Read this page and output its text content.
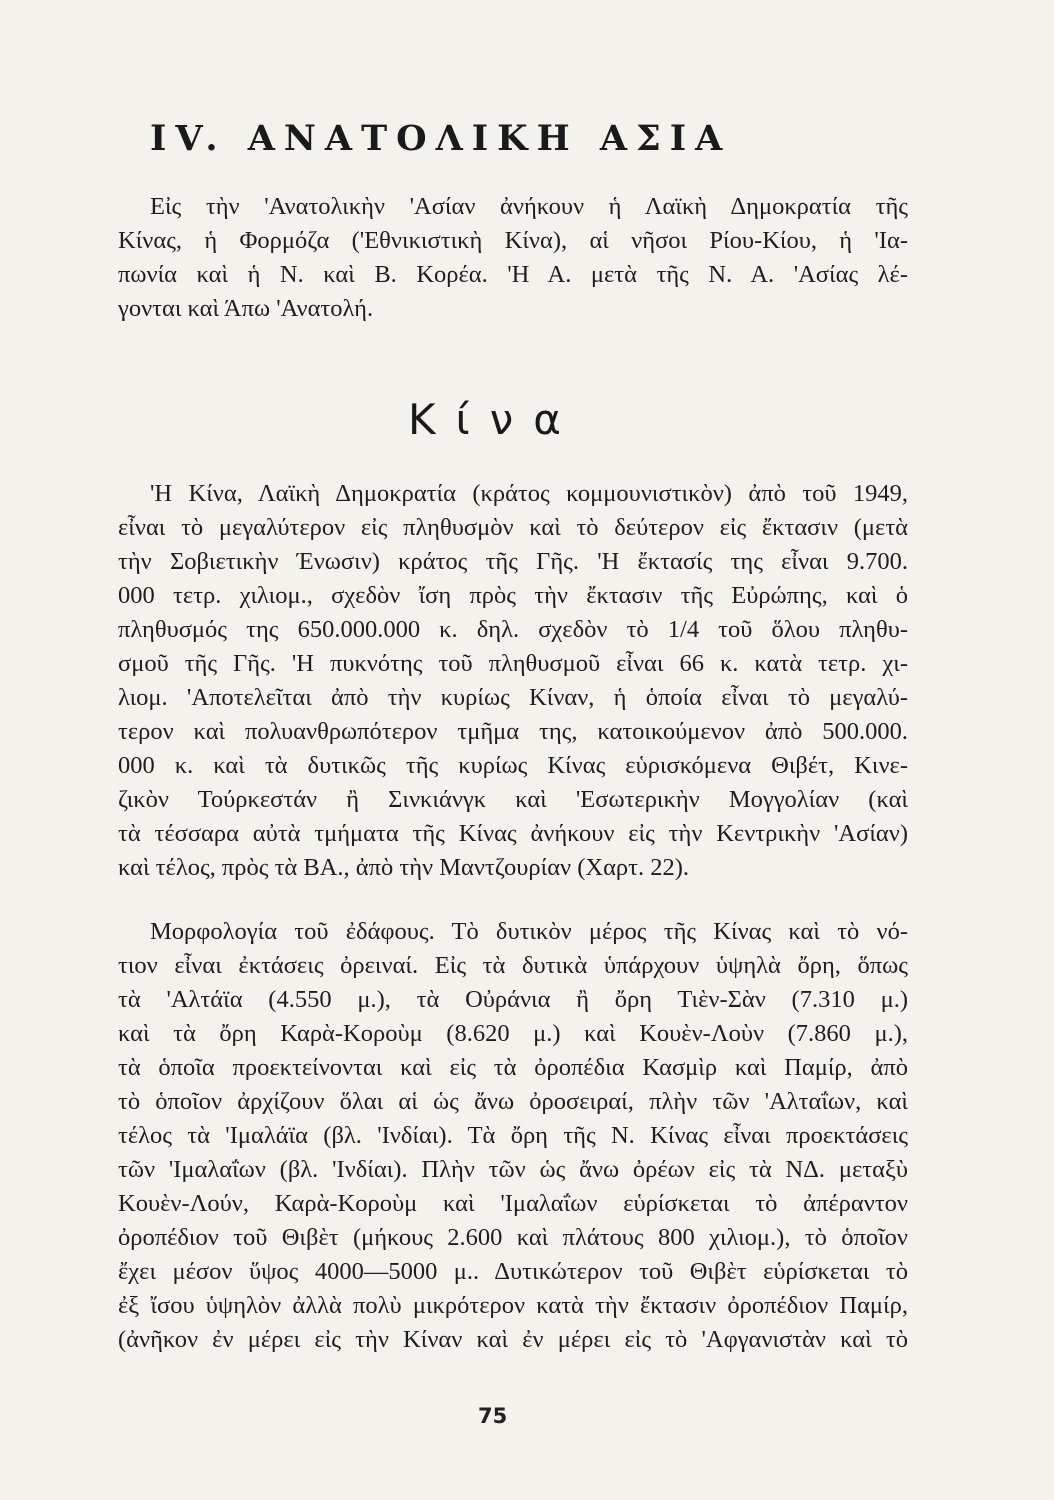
IV. ΑΝΑΤΟΛΙΚΗ ΑΣΙΑ
Εἰς τὴν 'Ανατολικὴν 'Ασίαν ἀνήκουν ἡ Λαϊκὴ Δημοκρατία τῆς
Κίνας, ἡ Φορμόζα ('Εθνικιστικὴ Κίνα), αἱ νῆσοι Ρίου-Κίου, ἡ 'Ια-
πωνία καὶ ἡ Ν. καὶ Β. Κορέα. 'Η Α. μετὰ τῆς Ν. Α. 'Ασίας λέ-
γονται καὶ Άπω 'Ανατολή.
Κίνα
'Η Κίνα, Λαϊκὴ Δημοκρατία (κράτος κομμουνιστικὸν) ἀπὸ τοῦ 1949,
εἶναι τὸ μεγαλύτερον εἰς πληθυσμὸν καὶ τὸ δεύτερον εἰς ἔκτασιν (μετὰ
τὴν Σοβιετικὴν Ένωσιν) κράτος τῆς Γῆς. 'Η ἔκτασίς της εἶναι 9.700.
000 τετρ. χιλιομ., σχεδὸν ἴση πρὸς τὴν ἔκτασιν τῆς Εὐρώπης, καὶ ὁ
πληθυσμός της 650.000.000 κ. δηλ. σχεδὸν τὸ 1/4 τοῦ ὅλου πληθυ-
σμοῦ τῆς Γῆς. 'Η πυκνότης τοῦ πληθυσμοῦ εἶναι 66 κ. κατὰ τετρ. χι-
λιομ. 'Αποτελεῖται ἀπὸ τὴν κυρίως Κίναν, ἡ ὁποία εἶναι τὸ μεγαλύ-
τερον καὶ πολυανθρωπότερον τμῆμα της, κατοικούμενον ἀπὸ 500.000.
000 κ. καὶ τὰ δυτικῶς τῆς κυρίως Κίνας εὑρισκόμενα Θιβέτ, Κινε-
ζικὸν Τούρκεστάν ἢ Σινκιάνγκ καὶ 'Εσωτερικὴν Μογγολίαν (καὶ
τὰ τέσσαρα αὐτὰ τμήματα τῆς Κίνας ἀνήκουν εἰς τὴν Κεντρικὴν 'Ασίαν)
καὶ τέλος, πρὸς τὰ ΒΑ., ἀπὸ τὴν Μαντζουρίαν (Χαρτ. 22).
Μορφολογία τοῦ ἐδάφους. Τὸ δυτικὸν μέρος τῆς Κίνας καὶ τὸ νό-
τιον εἶναι ἐκτάσεις ὀρειναί. Εἰς τὰ δυτικὰ ὑπάρχουν ὑψηλὰ ὄρη, ὅπως
τὰ 'Αλτάϊα (4.550 μ.), τὰ Οὐράνια ἢ ὄρη Τιὲν-Σὰν (7.310 μ.)
καὶ τὰ ὄρη Καρὰ-Κοροὺμ (8.620 μ.) καὶ Κουὲν-Λοὺν (7.860 μ.),
τὰ ὁποῖα προεκτείνονται καὶ εἰς τὰ ὀροπέδια Κασμὶρ καὶ Παμίρ, ἀπὸ
τὸ ὁποῖον ἀρχίζουν ὅλαι αἱ ὡς ἄνω ὀροσειραί, πλὴν τῶν 'Αλταΐων, καὶ
τέλος τὰ 'Ιμαλάϊα (βλ. 'Ινδίαι). Τὰ ὄρη τῆς Ν. Κίνας εἶναι προεκτάσεις
τῶν 'Ιμαλαΐων (βλ. 'Ινδίαι). Πλὴν τῶν ὡς ἄνω ὀρέων εἰς τὰ ΝΔ. μεταξὺ
Κουὲν-Λούν, Καρὰ-Κοροὺμ καὶ 'Ιμαλαΐων εὑρίσκεται τὸ ἀπέραντον
ὀροπέδιον τοῦ Θιβὲτ (μήκους 2.600 καὶ πλάτους 800 χιλιομ.), τὸ ὁποῖον
ἔχει μέσον ὕψος 4000—5000 μ.. Δυτικώτερον τοῦ Θιβὲτ εὑρίσκεται τὸ
ἐξ ἴσου ὑψηλὸν ἀλλὰ πολὺ μικρότερον κατὰ τὴν ἔκτασιν ὀροπέδιον Παμίρ,
(ἀνῆκον ἐν μέρει εἰς τὴν Κίναν καὶ ἐν μέρει εἰς τὸ 'Αφγανιστὰν καὶ τὸ
75
